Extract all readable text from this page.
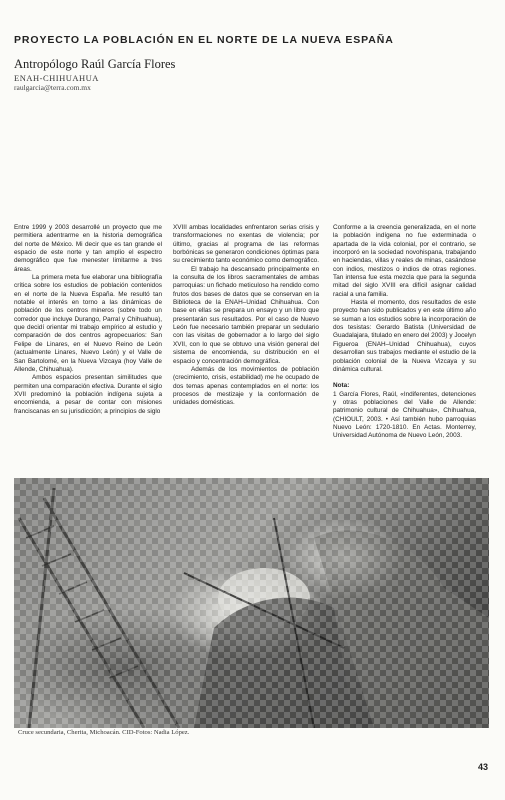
PROYECTO LA POBLACIÓN EN EL NORTE DE LA NUEVA ESPAÑA
Antropólogo Raúl García Flores
ENAH-CHIHUAHUA
raulgarcia@terra.com.mx

Entre 1999 y 2003 desarrollé un proyecto que me permitiera adentrarme en la historia demográfica del norte de México. Mi decir que es tan grande el espacio de este norte y tan amplio el espectro demográfico que fue menester limitarme a tres áreas.

La primera meta fue elaborar una bibliografía crítica sobre los estudios de población contenidos en el norte de la Nueva España. Me resultó tan notable el interés en torno a las dinámicas de población de los centros mineros (sobre todo un corredor que incluye Durango, Parral y Chihuahua), que decidí orientar mi trabajo empírico al estudio y comparación de dos centros agropecuarios: San Felipe de Linares, en el Nuevo Reino de León (actualmente Linares, Nuevo León) y el Valle de San Bartolomé, en la Nueva Vizcaya (hoy Valle de Allende, Chihuahua).

Ambos espacios presentan similitudes que permiten una comparación efectiva. Durante el siglo XVII predominó la población indígena sujeta a encomienda, a pesar de contar con misiones franciscanas en su jurisdicción; a principios de siglo

XVIII ambas localidades enfrentaron serias crisis y transformaciones no exentas de violencia; por último, gracias al programa de las reformas borbónicas se generaron condiciones óptimas para su crecimiento tanto económico como demográfico.

El trabajo ha descansado principalmente en la consulta de los libros sacramentales de ambas parroquias: un fichado meticuloso ha rendido como frutos dos bases de datos que se conservan en la Biblioteca de la ENAH–Unidad Chihuahua. Con base en ellas se prepara un ensayo y un libro que presentarán sus resultados. Por el caso de Nuevo León fue necesario también preparar un sedulario con las visitas de gobernador a lo largo del siglo XVII, con lo que se obtuvo una visión general del sistema de encomienda, su distribución en el espacio y concentración demográfica.

Además de los movimientos de población (crecimiento, crisis, estabilidad) me he ocupado de dos temas apenas contemplados en el norte: los procesos de mestizaje y la conformación de unidades domésticas.

Conforme a la creencia generalizada, en el norte la población indígena no fue exterminada o apartada de la vida colonial, por el contrario, se incorporó en la sociedad novohispana, trabajando en haciendas, villas y reales de minas, casándose con indios, mestizos o indios de otras regiones. Tan intensa fue esta mezcla que para la segunda mitad del siglo XVIII era difícil asignar calidad racial a una familia.

Hasta el momento, dos resultados de este proyecto han sido publicados y en este último año se suman a los estudios sobre la incorporación de dos tesistas: Gerardo Batista (Universidad de Guadalajara, titulado en enero del 2003) y Jocelyn Figueroa (ENAH–Unidad Chihuahua), cuyos desarrollan sus trabajos mediante el estudio de la población colonial de la Nueva Vizcaya y su dinámica cultural.

Nota:

1 García Flores, Raúl, «Indiferentes, detenciones y otras poblaciones del Valle de Allende: patrimonio cultural de Chihuahua», Chihuahua, (CHIOULT, 2003. • Así también hubo parroquias Nuevo León: 1720-1810. En Actas. Monterrey, Universidad Autónoma de Nuevo León, 2003.

Cruce secundaria, Cherita, Michoacán. CID-Fotos: Nadia López.
43
